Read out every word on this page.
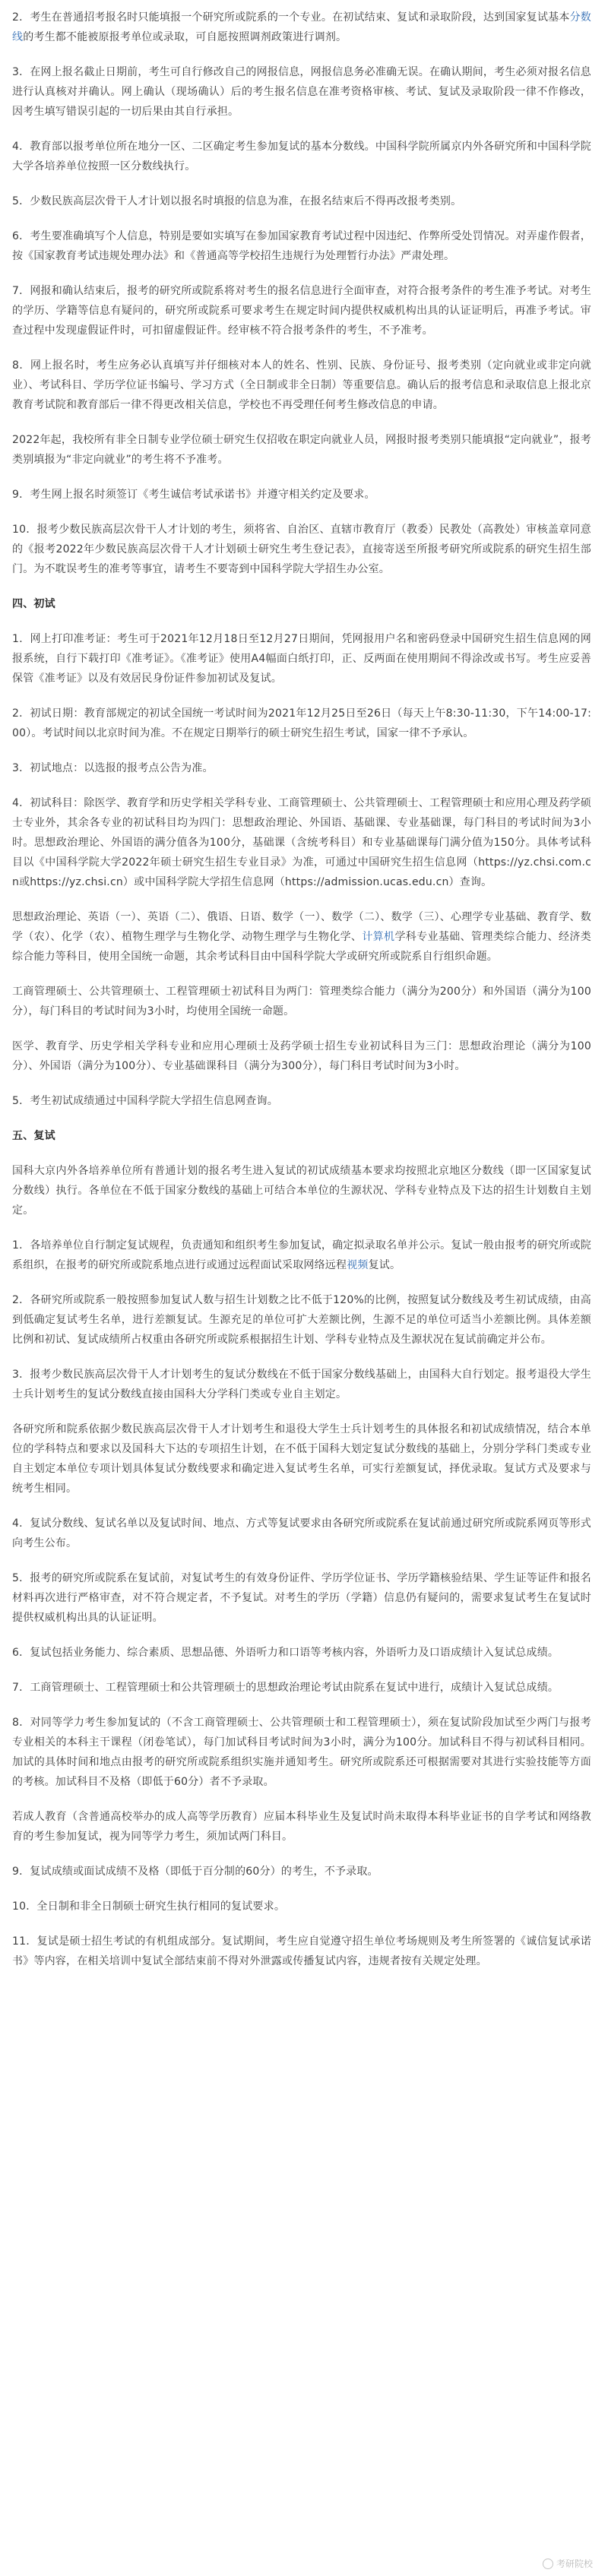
2．考生在普通招考报名时只能填报一个研究所或院系的一个专业。在初试结束、复试和录取阶段，达到国家复试基本分数线的考生都不能被原报考单位或录取，可自愿按照调剂政策进行调剂。

3．在网上报名截止日期前，考生可自行修改自己的网报信息，网报信息务必准确无误。在确认期间，考生必须对报名信息进行认真核对并确认。网上确认（现场确认）后的考生报名信息在准考资格审核、考试、复试及录取阶段一律不作修改，因考生填写错误引起的一切后果由其自行承担。

4．教育部以报考单位所在地分一区、二区确定考生参加复试的基本分数线。中国科学院所属京内外各研究所和中国科学院大学各培养单位按照一区分数线执行。

5．少数民族高层次骨干人才计划以报名时填报的信息为准，在报名结束后不得再改报考类别。

6．考生要准确填写个人信息，特别是要如实填写在参加国家教育考试过程中因违纪、作弊所受处罚情况。对弄虚作假者，按《国家教育考试违规处理办法》和《普通高等学校招生违规行为处理暂行办法》严肃处理。

7．网报和确认结束后，报考的研究所或院系将对考生的报名信息进行全面审查，对符合报考条件的考生准予考试。对考生的学历、学籍等信息有疑问的，研究所或院系可要求考生在规定时间内提供权威机构出具的认证证明后，再准予考试。审查过程中发现虚假证件时，可扣留虚假证件。经审核不符合报考条件的考生，不予准考。

8．网上报名时，考生应务必认真填写并仔细核对本人的姓名、性别、民族、身份证号、报考类别（定向就业或非定向就业）、考试科目、学历学位证书编号、学习方式（全日制或非全日制）等重要信息。确认后的报考信息和录取信息上报北京教育考试院和教育部后一律不得更改相关信息，学校也不再受理任何考生修改信息的申请。

2022年起，我校所有非全日制专业学位硕士研究生仅招收在职定向就业人员，网报时报考类别只能填报“定向就业”，报考类别填报为“非定向就业”的考生将不予准考。

9．考生网上报名时须签订《考生诚信考试承诺书》并遵守相关约定及要求。

10．报考少数民族高层次骨干人才计划的考生，须将省、自治区、直辖市教育厅（教委）民教处（高教处）审核盖章同意的《报考2022年少数民族高层次骨干人才计划硕士研究生考生登记表》，直接寄送至所报考研究所或院系的研究生招生部门。为不耽误考生的准考等事宜，请考生不要寄到中国科学院大学招生办公室。

四、初试

1．网上打印准考证：考生可于2021年12月18日至12月27日期间，凭网报用户名和密码登录中国研究生招生信息网的网报系统，自行下载打印《准考证》。《准考证》使用A4幅面白纸打印，正、反两面在使用期间不得涂改或书写。考生应妥善保管《准考证》以及有效居民身份证件参加初试及复试。

2．初试日期：教育部规定的初试全国统一考试时间为2021年12月25日至26日（每天上午8:30-11:30，下午14:00-17:00）。考试时间以北京时间为准。不在规定日期举行的硕士研究生招生考试，国家一律不予承认。

3．初试地点：以选报的报考点公告为准。

4．初试科目：除医学、教育学和历史学相关学科专业、工商管理硕士、公共管理硕士、工程管理硕士和应用心理及药学硕士专业外，其余各专业的初试科目均为四门：思想政治理论、外国语、基础课、专业基础课，每门科目的考试时间为3小时。思想政治理论、外国语的满分值各为100分，基础课（含统考科目）和专业基础课每门满分值为150分。具体考试科目以《中国科学院大学2022年硕士研究生招生专业目录》为准，可通过中国研究生招生信息网（https://yz.chsi.com.cn或https://yz.chsi.cn）或中国科学院大学招生信息网（https://admission.ucas.edu.cn）查询。

思想政治理论、英语（一）、英语（二）、俄语、日语、数学（一）、数学（二）、数学（三）、心理学专业基础、教育学、数学（农）、化学（农）、植物生理学与生物化学、动物生理学与生物化学、计算机学科专业基础、管理类综合能力、经济类综合能力等科目，使用全国统一命题，其余考试科目由中国科学院大学或研究所或院系自行组织命题。

工商管理硕士、公共管理硕士、工程管理硕士初试科目为两门：管理类综合能力（满分为200分）和外国语（满分为100分），每门科目的考试时间为3小时，均使用全国统一命题。

医学、教育学、历史学相关学科专业和应用心理硕士及药学硕士招生专业初试科目为三门：思想政治理论（满分为100分）、外国语（满分为100分）、专业基础课科目（满分为300分），每门科目考试时间为3小时。

5．考生初试成绩通过中国科学院大学招生信息网查询。

五、复试

国科大京内外各培养单位所有普通计划的报名考生进入复试的初试成绩基本要求均按照北京地区分数线（即一区国家复试分数线）执行。各单位在不低于国家分数线的基础上可结合本单位的生源状况、学科专业特点及下达的招生计划数自主划定。

1．各培养单位自行制定复试规程，负责通知和组织考生参加复试，确定拟录取名单并公示。复试一般由报考的研究所或院系组织，在报考的研究所或院系地点进行或通过远程面试采取网络远程视频复试。

2．各研究所或院系一般按照参加复试人数与招生计划数之比不低于120%的比例，按照复试分数线及考生初试成绩，由高到低确定复试考生名单，进行差额复试。生源充足的单位可扩大差额比例，生源不足的单位可适当小差额比例。具体差额比例和初试、复试成绩所占权重由各研究所或院系根据招生计划、学科专业特点及生源状况在复试前确定并公布。

3．报考少数民族高层次骨干人才计划考生的复试分数线在不低于国家分数线基础上，由国科大自行划定。报考退役大学生士兵计划考生的复试分数线直接由国科大分学科门类或专业自主划定。

各研究所和院系依据少数民族高层次骨干人才计划考生和退役大学生士兵计划考生的具体报名和初试成绩情况，结合本单位的学科特点和要求以及国科大下达的专项招生计划，在不低于国科大划定复试分数线的基础上，分别分学科门类或专业自主划定本单位专项计划具体复试分数线要求和确定进入复试考生名单，可实行差额复试，择优录取。复试方式及要求与统考生相同。

4．复试分数线、复试名单以及复试时间、地点、方式等复试要求由各研究所或院系在复试前通过研究所或院系网页等形式向考生公布。

5．报考的研究所或院系在复试前，对复试考生的有效身份证件、学历学位证书、学历学籍核验结果、学生证等证件和报名材料再次进行严格审查，对不符合规定者，不予复试。对考生的学历（学籍）信息仍有疑问的，需要求复试考生在复试时提供权威机构出具的认证证明。

6．复试包括业务能力、综合素质、思想品德、外语听力和口语等考核内容，外语听力及口语成绩计入复试总成绩。

7．工商管理硕士、工程管理硕士和公共管理硕士的思想政治理论考试由院系在复试中进行，成绩计入复试总成绩。

8．对同等学力考生参加复试的（不含工商管理硕士、公共管理硕士和工程管理硕士），须在复试阶段加试至少两门与报考专业相关的本科主干课程（闭卷笔试），每门加试科目考试时间为3小时，满分为100分。加试科目不得与初试科目相同。加试的具体时间和地点由报考的研究所或院系组织实施并通知考生。研究所或院系还可根据需要对其进行实验技能等方面的考核。加试科目不及格（即低于60分）者不予录取。

若成人教育（含普通高校举办的成人高等学历教育）应届本科毕业生及复试时尚未取得本科毕业证书的自学考试和网络教育的考生参加复试，视为同等学力考生，须加试两门科目。

9．复试成绩或面试成绩不及格（即低于百分制的60分）的考生，不予录取。

10．全日制和非全日制硕士研究生执行相同的复试要求。

11．复试是硕士招生考试的有机组成部分。复试期间，考生应自觉遵守招生单位考场规则及考生所签署的《诚信复试承诺书》等内容，在相关培训中复试全部结束前不得对外泄露或传播复试内容，违规者按有关规定处理。

考研院校
